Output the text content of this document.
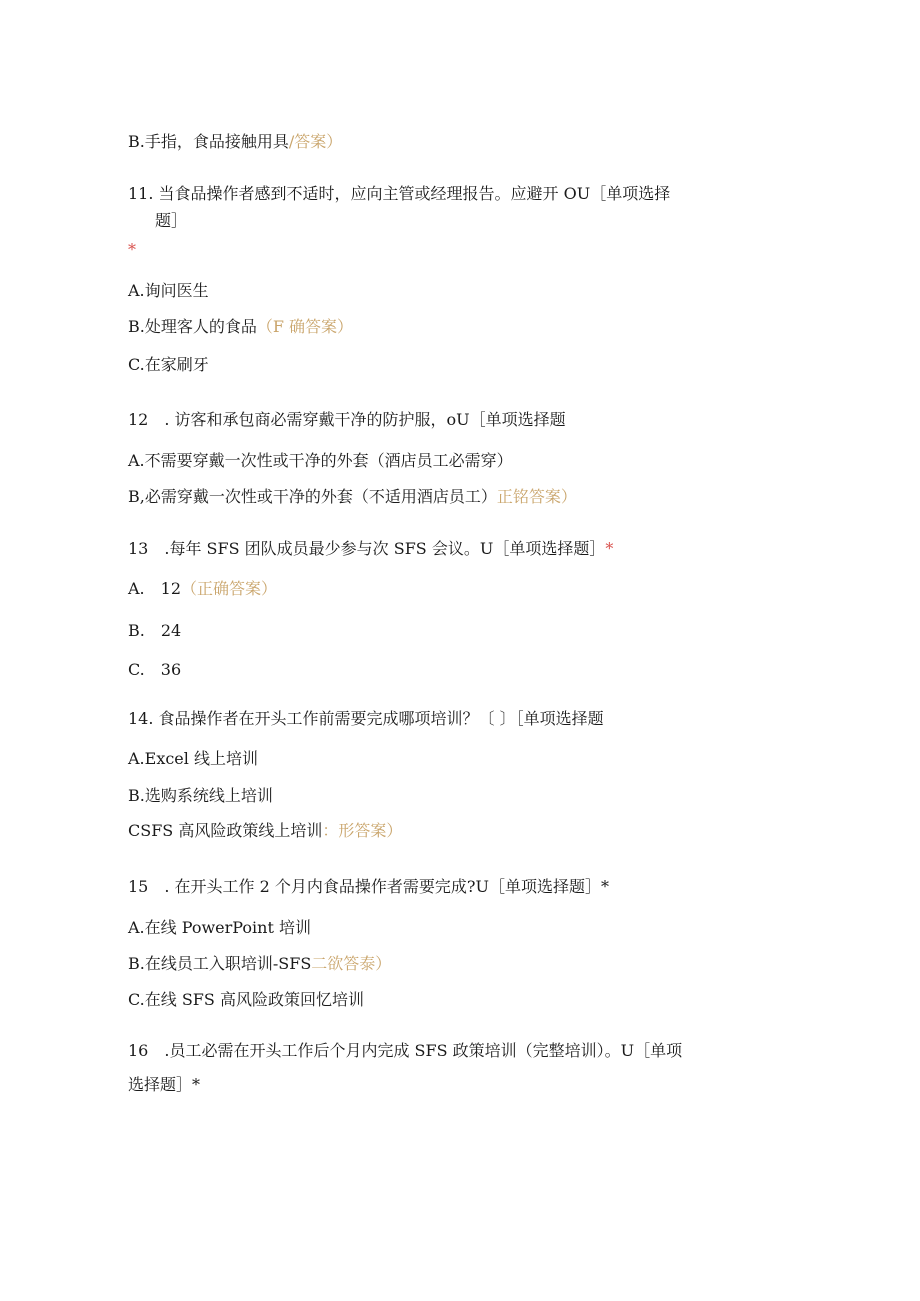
B.手指，食品接触用具/答案）
11. 当食品操作者感到不适时，应向主管或经理报告。应避开 OU［单项选择
题］
*
A.询问医生
B.处理客人的食品（F 确答案）
C.在家刷牙
12　. 访客和承包商必需穿戴干净的防护服，oU［单项选择题
A.不需要穿戴一次性或干净的外套（酒店员工必需穿）
B,必需穿戴一次性或干净的外套（不适用酒店员工）正铭答案）
13　.每年 SFS 团队成员最少参与次 SFS 会议。U［单项选择题］*
A.　12（正确答案）
B.　24
C.　36
14. 食品操作者在开头工作前需要完成哪项培训？〔 〕［单项选择题
A.Excel 线上培训
B.选购系统线上培训
CSFS 高风险政策线上培训：形答案）
15　. 在开头工作 2 个月内食品操作者需要完成?U［单项选择题］*
A.在线 PowerPoint 培训
B.在线员工入职培训-SFS二欲答泰）
C.在线 SFS 高风险政策回忆培训
16　.员工必需在开头工作后个月内完成 SFS 政策培训（完整培训）。U［单项
选择题］*
